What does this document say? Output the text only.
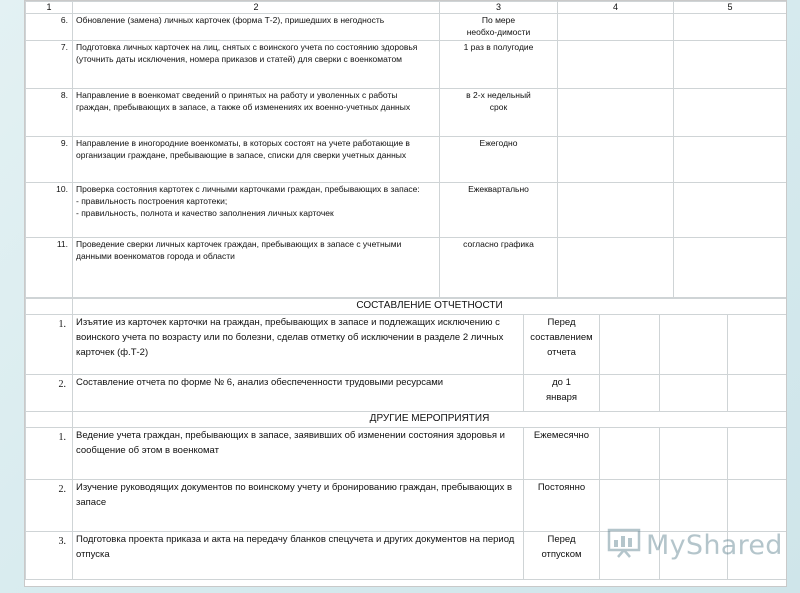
1	2	3	4	5
6.	Обновление (замена) личных карточек (форма Т-2), пришедших в негодность	По мере
необхо-димости		
7.	Подготовка личных карточек на лиц, снятых с воинского учета по состоянию здоровья
(уточнить даты исключения, номера приказов и статей) для сверки с военкоматом	1 раз в полугодие		
8.	Направление в военкомат сведений о принятых на работу и уволенных с работы
граждан, пребывающих в запасе, а также об изменениях их военно-учетных данных	в 2-х недельный
срок		
9.	Направление в иногородние военкоматы, в которых состоят на учете работающие в
организации граждане, пребывающие в запасе, списки для сверки учетных данных	Ежегодно		
10.	Проверка состояния картотек с личными карточками граждан, пребывающих в запасе:
- правильность построения картотеки;
- правильность, полнота и качество заполнения личных карточек	Ежеквартально		
11.	Проведение сверки личных карточек граждан, пребывающих в запасе с учетными
данными военкоматов города и области	согласно графика		
	СОСТАВЛЕНИЕ ОТЧЕТНОСТИ				
1.	Изъятие из карточек карточки на граждан, пребывающих в запасе и подлежащих исключению с воинского учета по возрасту или по болезни, сделав отметку об исключении в разделе 2 личных карточек (ф.Т-2)	Перед
составлением
отчета			
2.	Составление отчета по форме № 6, анализ обеспеченности трудовыми ресурсами	до 1
января			
	ДРУГИЕ МЕРОПРИЯТИЯ				
1.	Ведение учета граждан, пребывающих в запасе, заявивших об изменении состояния здоровья и сообщение об этом в военкомат	Ежемесячно			
2.	Изучение руководящих документов по воинскому учету и бронированию граждан, пребывающих в запасе	Постоянно			
3.	Подготовка проекта приказа и акта на передачу бланков спецучета и других документов на период отпуска	Перед
отпуском			MyShared
